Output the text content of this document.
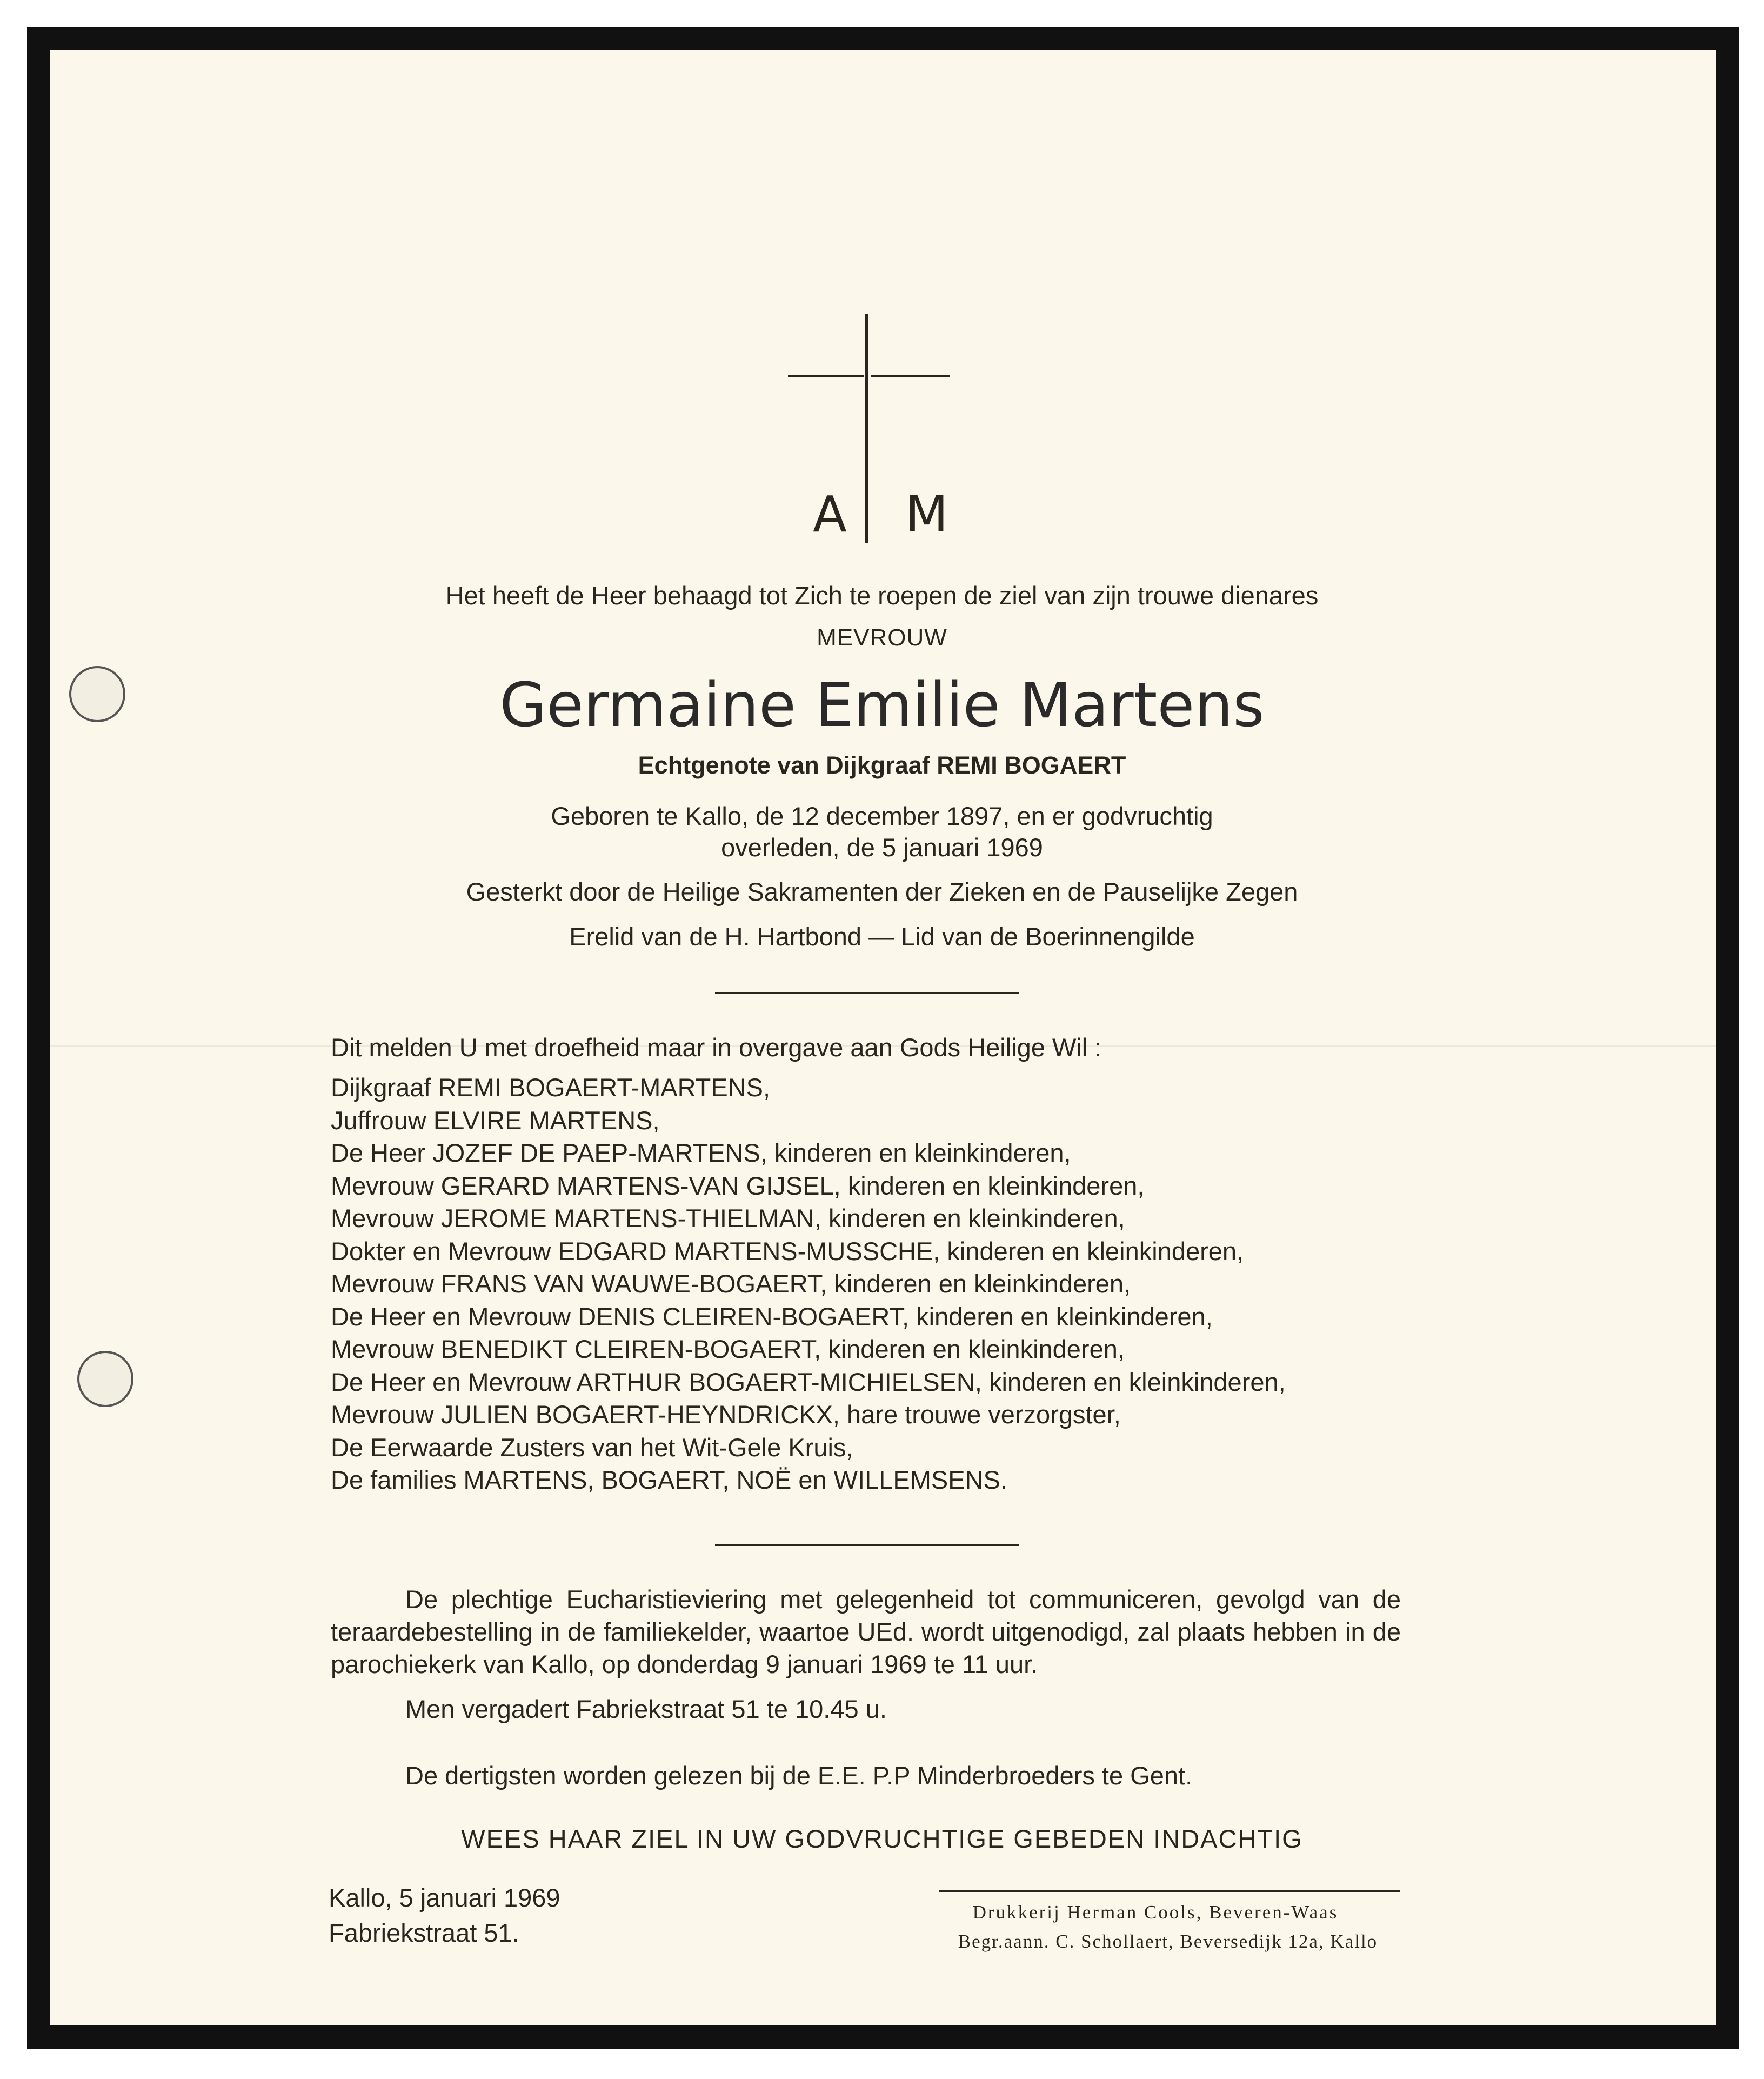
A M
Het heeft de Heer behaagd tot Zich te roepen de ziel van zijn trouwe dienares
MEVROUW
Germaine Emilie Martens
Echtgenote van Dijkgraaf REMI BOGAERT
Geboren te Kallo, de 12 december 1897, en er godvruchtig
overleden, de 5 januari 1969
Gesterkt door de Heilige Sakramenten der Zieken en de Pauselijke Zegen
Erelid van de H. Hartbond — Lid van de Boerinnengilde
Dit melden U met droefheid maar in overgave aan Gods Heilige Wil :
Dijkgraaf REMI BOGAERT-MARTENS,
Juffrouw ELVIRE MARTENS,
De Heer JOZEF DE PAEP-MARTENS, kinderen en kleinkinderen,
Mevrouw GERARD MARTENS-VAN GIJSEL, kinderen en kleinkinderen,
Mevrouw JEROME MARTENS-THIELMAN, kinderen en kleinkinderen,
Dokter en Mevrouw EDGARD MARTENS-MUSSCHE, kinderen en kleinkinderen,
Mevrouw FRANS VAN WAUWE-BOGAERT, kinderen en kleinkinderen,
De Heer en Mevrouw DENIS CLEIREN-BOGAERT, kinderen en kleinkinderen,
Mevrouw BENEDIKT CLEIREN-BOGAERT, kinderen en kleinkinderen,
De Heer en Mevrouw ARTHUR BOGAERT-MICHIELSEN, kinderen en kleinkinderen,
Mevrouw JULIEN BOGAERT-HEYNDRICKX, hare trouwe verzorgster,
De Eerwaarde Zusters van het Wit-Gele Kruis,
De families MARTENS, BOGAERT, NOË en WILLEMSENS.

De plechtige Eucharistieviering met gelegenheid tot communiceren, gevolgd van de teraardebestelling in de familiekelder, waartoe UEd. wordt uitgenodigd, zal plaats hebben in de parochiekerk van Kallo, op donderdag 9 januari 1969 te 11 uur.

Men vergadert Fabriekstraat 51 te 10.45 u.
De dertigsten worden gelezen bij de E.E. P.P Minderbroeders te Gent.
WEES HAAR ZIEL IN UW GODVRUCHTIGE GEBEDEN INDACHTIG
Kallo, 5 januari 1969
Fabriekstraat 51.
Drukkerij Herman Cools, Beveren-Waas
Begr.aann. C. Schollaert, Beversedijk 12a, Kallo
